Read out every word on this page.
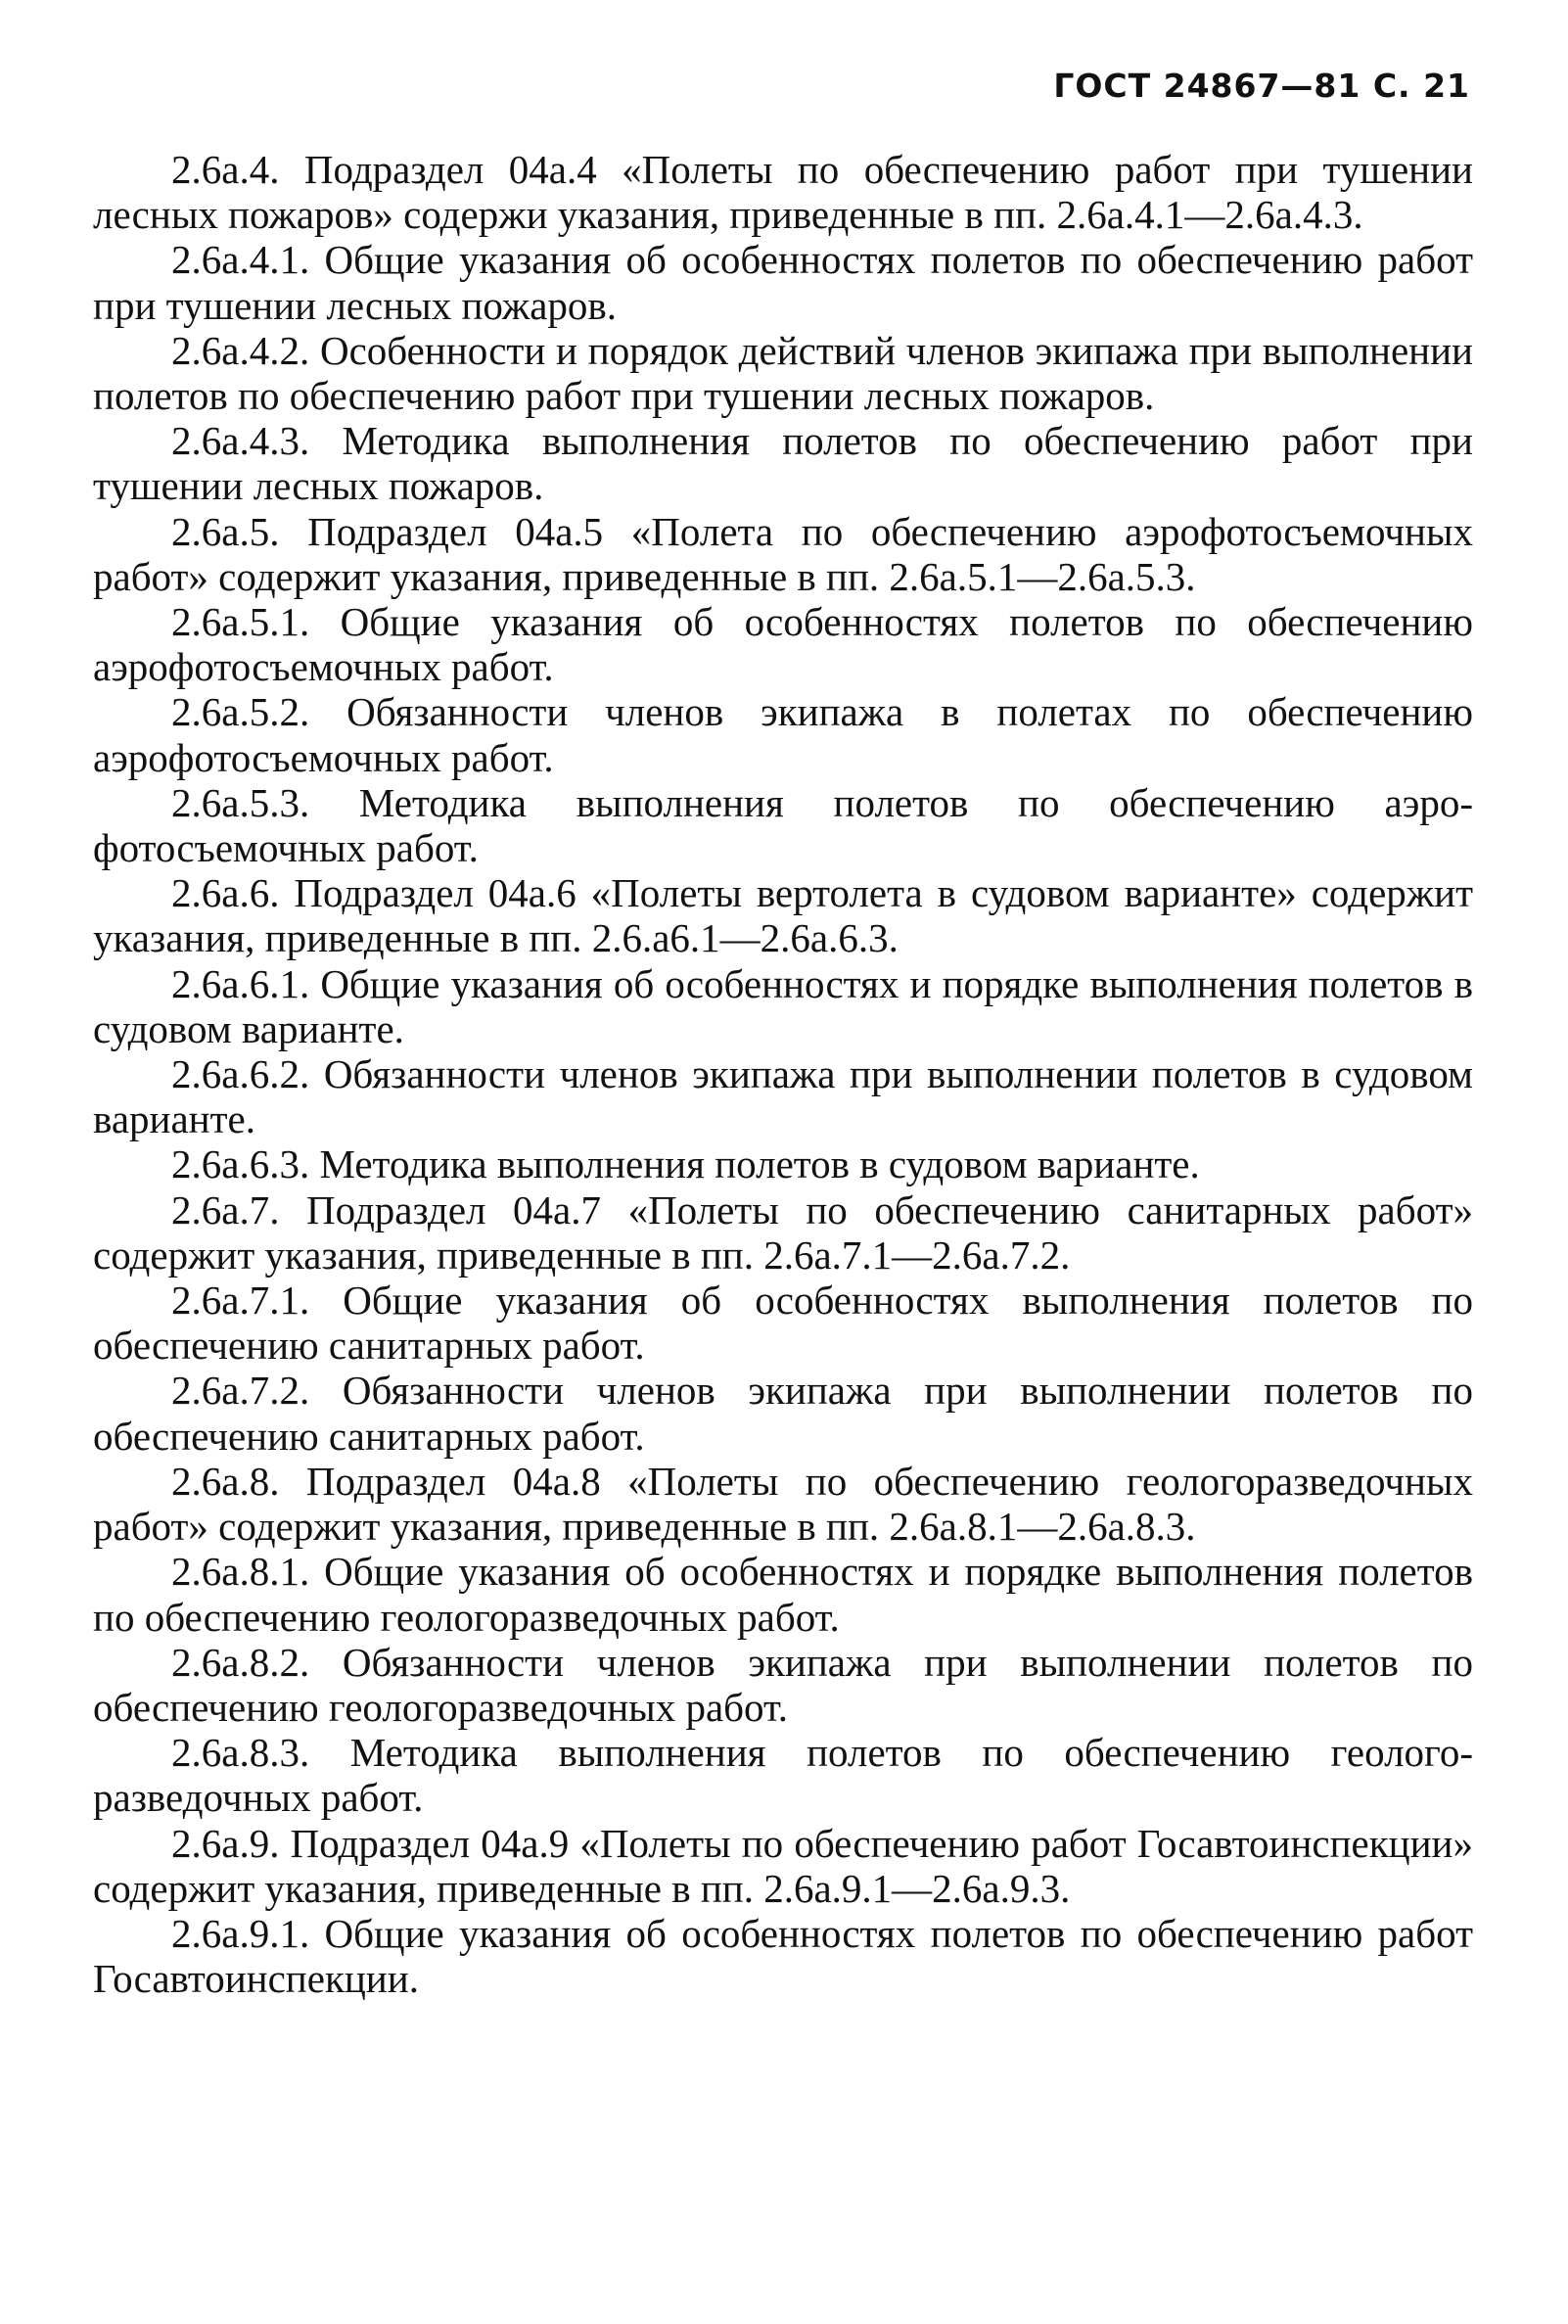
ГОСТ 24867—81 С. 21

2.6а.4. Подраздел 04а.4 «Полеты по обеспечению работ при тушении лесных пожаров» содержи указания, приведенные в пп. 2.6а.4.1—2.6а.4.3.

2.6а.4.1. Общие указания об особенностях полетов по обеспечению работ при тушении лесных пожаров.

2.6а.4.2. Особенности и порядок действий членов экипажа при выполнении полетов по обеспечению работ при тушении лесных пожаров.

2.6а.4.3. Методика выполнения полетов по обеспечению работ при тушении лесных пожаров.

2.6а.5. Подраздел 04а.5 «Полета по обеспечению аэрофотосъемочных работ» содержит указания, приведенные в пп. 2.6а.5.1—2.6а.5.3.

2.6а.5.1. Общие указания об особенностях полетов по обеспечению аэрофотосъемочных работ.

2.6а.5.2. Обязанности членов экипажа в полетах по обеспечению аэрофотосъемочных работ.

2.6а.5.3. Методика выполнения полетов по обеспечению аэрофотосъемочных работ.

2.6а.6. Подраздел 04а.6 «Полеты вертолета в судовом варианте» содержит указания, приведенные в пп. 2.6.а6.1—2.6а.6.3.

2.6а.6.1. Общие указания об особенностях и порядке выполнения полетов в судовом варианте.

2.6а.6.2. Обязанности членов экипажа при выполнении полетов в судовом варианте.

2.6а.6.3. Методика выполнения полетов в судовом варианте.

2.6а.7. Подраздел 04а.7 «Полеты по обеспечению санитарных работ» содержит указания, приведенные в пп. 2.6а.7.1—2.6а.7.2.

2.6а.7.1. Общие указания об особенностях выполнения полетов по обеспечению санитарных работ.

2.6а.7.2. Обязанности членов экипажа при выполнении полетов по обеспечению санитарных работ.

2.6а.8. Подраздел 04а.8 «Полеты по обеспечению геологоразведочных работ» содержит указания, приведенные в пп. 2.6а.8.1—2.6а.8.3.

2.6а.8.1. Общие указания об особенностях и порядке выполнения полетов по обеспечению геологоразведочных работ.

2.6а.8.2. Обязанности членов экипажа при выполнении полетов по обеспечению геологоразведочных работ.

2.6а.8.3. Методика выполнения полетов по обеспечению геологоразведочных работ.

2.6а.9. Подраздел 04а.9 «Полеты по обеспечению работ Госавтоинспекции» содержит указания, приведенные в пп. 2.6а.9.1—2.6а.9.3.

2.6а.9.1. Общие указания об особенностях полетов по обеспечению работ Госавтоинспекции.
